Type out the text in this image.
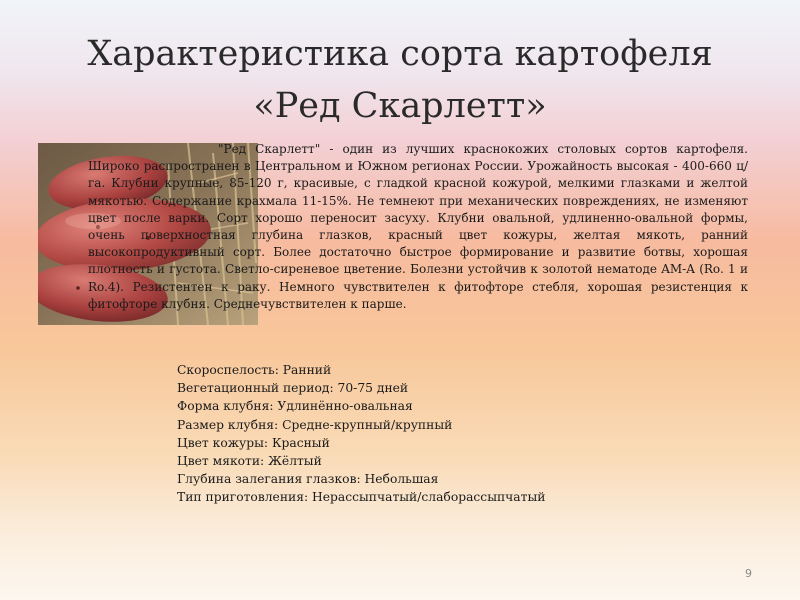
Характеристика сорта картофеля
«Ред Скарлетт»
"Ред Скарлетт" - один из лучших краснокожих столовых сортов картофеля. Широко распространен в Центральном и Южном регионах России. Урожайность высокая - 400-660 ц/га. Клубни крупные, 85-120 г, красивые, с гладкой красной кожурой, мелкими глазками и желтой мякотью. Содержание крахмала 11-15%. Не темнеют при механических повреждениях, не изменяют цвет после варки. Сорт хорошо переносит засуху. Клубни овальной, удлиненно-овальной формы, очень поверхностная глубина глазков, красный цвет кожуры, желтая мякоть, ранний высокопродуктивный сорт. Более достаточно быстрое формирование и развитие ботвы, хорошая плотность и густота. Светло-сиреневое цветение. Болезни устойчив к золотой нематоде AM-A (Ro. 1 и Ro.4). Резистентен к раку. Немного чувствителен к фитофторе стебля, хорошая резистенция к фитофторе клубня. Среднечувствителен к парше.
Скороспелость: Ранний
Вегетационный период: 70-75 дней
Форма клубня: Удлинённо-овальная
Размер клубня: Средне-крупный/крупный
Цвет кожуры: Красный
Цвет мякоти: Жёлтый
Глубина залегания глазков: Небольшая
Тип приготовления: Нерассыпчатый/слаборассыпчатый
9
